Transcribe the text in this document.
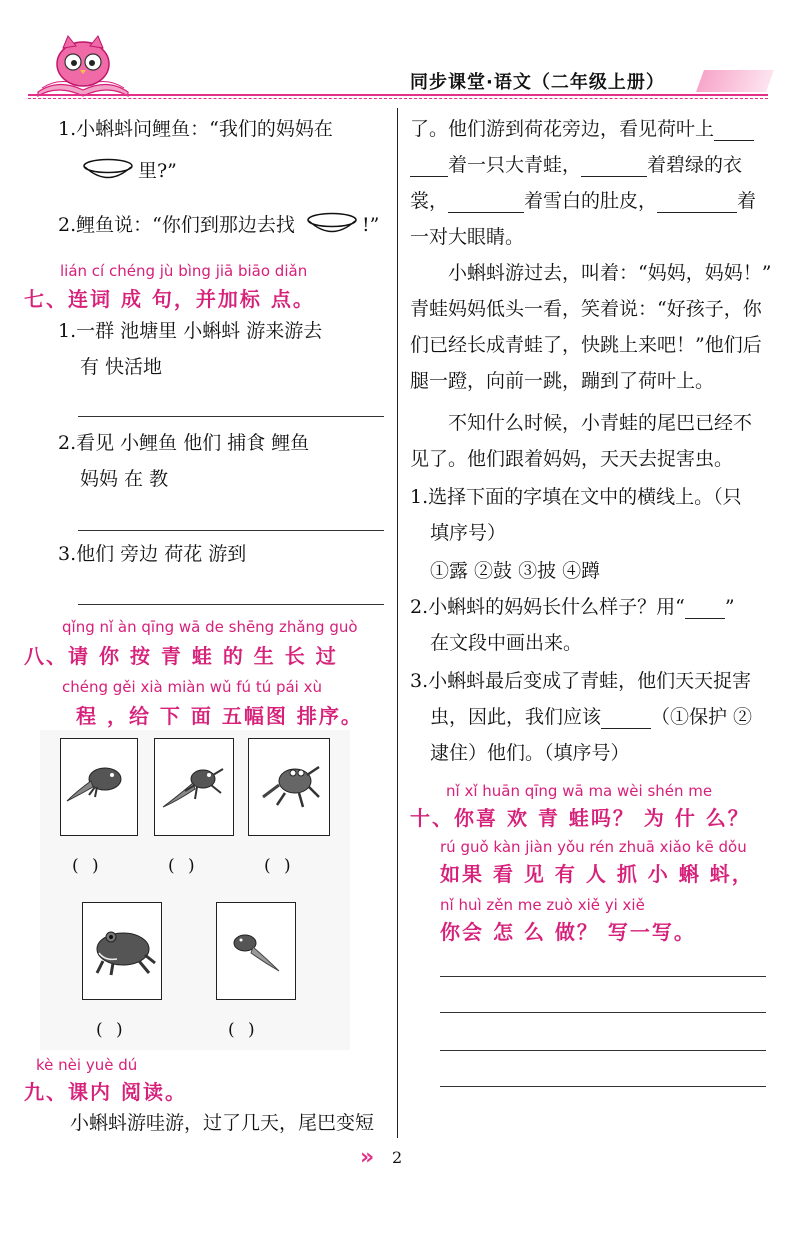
同步课堂·语文（二年级上册）
1.小蝌蚪问鲤鱼：“我们的妈妈在
里?”
2.鲤鱼说：“你们到那边去找	!”
lián cí chéng jù bìng jiā biāo diǎn
七、连词 成 句，并加标 点。
1.一群 池塘里 小蝌蚪 游来游去
有 快活地
2.看见 小鲤鱼 他们 捕食 鲤鱼
妈妈 在 教
3.他们 旁边 荷花 游到
qǐng nǐ àn qīng wā de shēng zhǎng guò
八、请 你 按 青 蛙 的 生 长 过
chéng gěi xià miàn wǔ fú tú pái xù
程 ，给 下 面 五幅图 排序。
( )	( )	( )
( )	( )
kè nèi yuè dú
九、课内 阅读。
小蝌蚪游哇游，过了几天，尾巴变短
了。他们游到荷花旁边，看见荷叶上
着一只大青蛙，	着碧绿的衣
裳，	着雪白的肚皮，	着
一对大眼睛。
小蝌蚪游过去，叫着：“妈妈，妈妈！”
青蛙妈妈低头一看，笑着说：“好孩子，你
们已经长成青蛙了，快跳上来吧！”他们后
腿一蹬，向前一跳，蹦到了荷叶上。
不知什么时候，小青蛙的尾巴已经不
见了。他们跟着妈妈，天天去捉害虫。
1.选择下面的字填在文中的横线上。（只
填序号）
①露 ②鼓 ③披 ④蹲
2.小蝌蚪的妈妈长什么样子？用“ ”
在文段中画出来。
3.小蝌蚪最后变成了青蛙，他们天天捉害
虫，因此，我们应该	（①保护 ②
逮住）他们。（填序号）
nǐ xǐ huān qīng wā ma wèi shén me
十、你喜 欢 青 蛙吗？ 为 什 么？
rú guǒ kàn jiàn yǒu rén zhuā xiǎo kē dǒu
如果 看 见 有 人 抓 小 蝌 蚪，
nǐ huì zěn me zuò xiě yi xiě
你会 怎 么 做？ 写一写。
» 2
